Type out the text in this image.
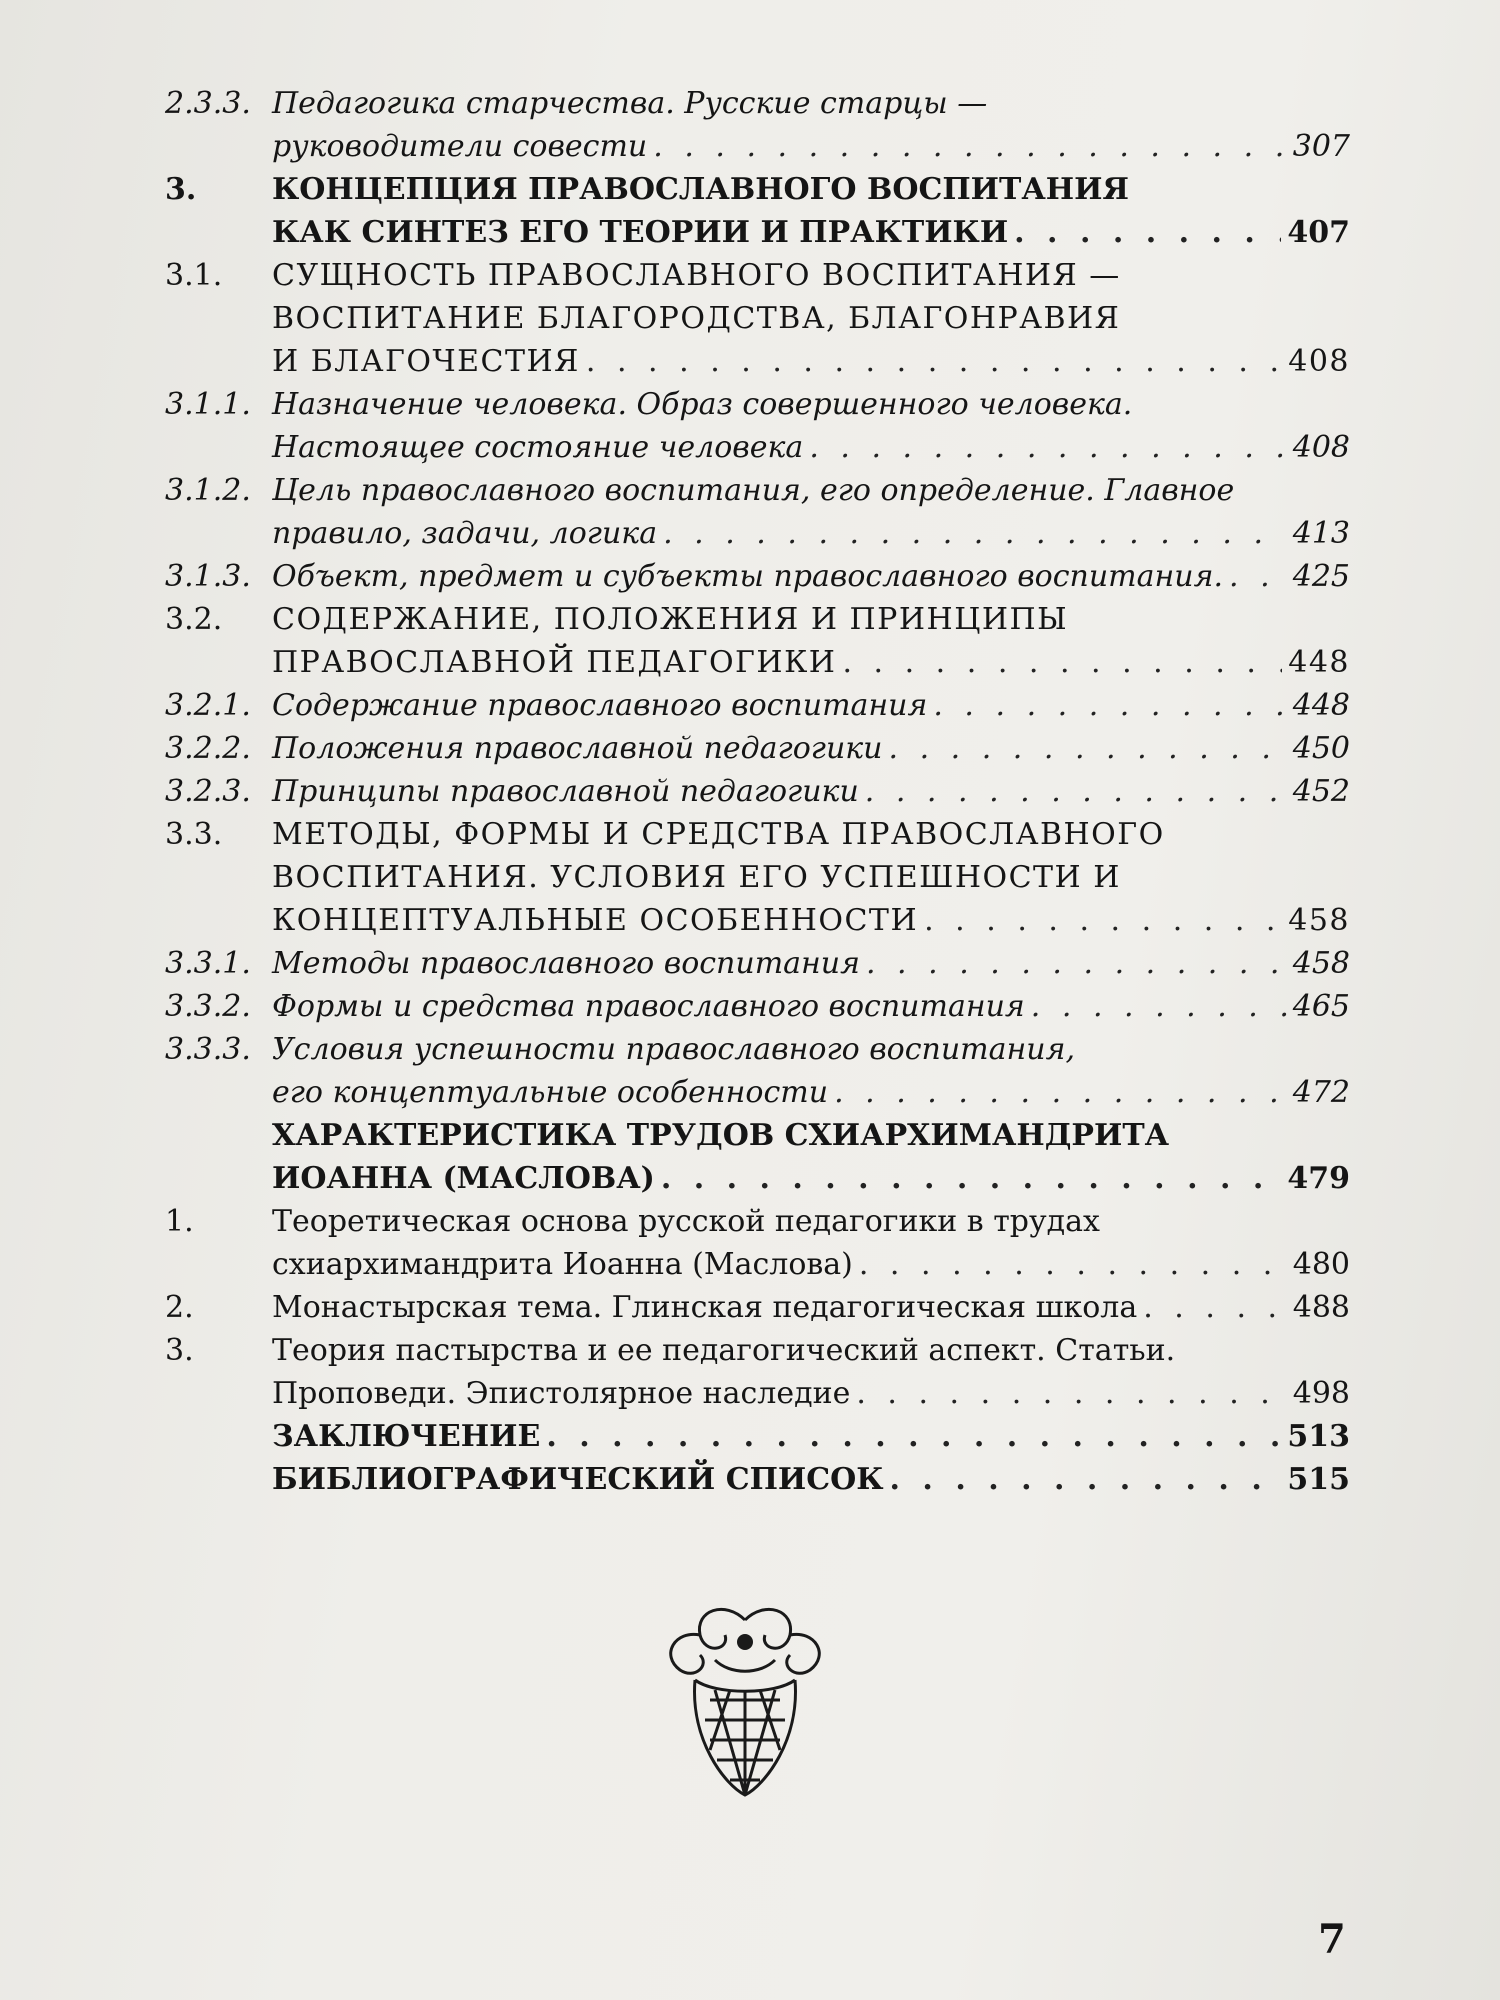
2.3.3. Педагогика старчества. Русские старцы —
руководители совести . . .	307
3.	КОНЦЕПЦИЯ ПРАВОСЛАВНОГО ВОСПИТАНИЯ
КАК СИНТЕЗ ЕГО ТЕОРИИ И ПРАКТИКИ . . .	407
3.1.	СУЩНОСТЬ ПРАВОСЛАВНОГО ВОСПИТАНИЯ —
ВОСПИТАНИЕ БЛАГОРОДСТВА, БЛАГОНРАВИЯ
И БЛАГОЧЕСТИЯ . . .	408
3.1.1. Назначение человека. Образ совершенного человека.
Настоящее состояние человека . . .	408
3.1.2. Цель православного воспитания, его определение. Главное
правило, задачи, логика . . .	413
3.1.3. Объект, предмет и субъекты православного воспитания. . . . 425
3.2.	СОДЕРЖАНИЕ, ПОЛОЖЕНИЯ И ПРИНЦИПЫ
ПРАВОСЛАВНОЙ ПЕДАГОГИКИ . . .	448
3.2.1. Содержание православного воспитания . . .	448
3.2.2. Положения православной педагогики . . .	450
3.2.3. Принципы православной педагогики . . .	452
3.3.	МЕТОДЫ, ФОРМЫ И СРЕДСТВА ПРАВОСЛАВНОГО
ВОСПИТАНИЯ. УСЛОВИЯ ЕГО УСПЕШНОСТИ И
КОНЦЕПТУАЛЬНЫЕ ОСОБЕННОСТИ . . .	458
3.3.1. Методы православного воспитания . . .	458
3.3.2. Формы и средства православного воспитания . . .	465
3.3.3. Условия успешности православного воспитания,
его концептуальные особенности . . .	472
ХАРАКТЕРИСТИКА ТРУДОВ СХИАРХИМАНДРИТА
ИОАННА (МАСЛОВА) . . .	479
1.	Теоретическая основа русской педагогики в трудах
схиархимандрита Иоанна (Маслова) . . .	480
2.	Монастырская тема. Глинская педагогическая школа . . .	488
3.	Теория пастырства и ее педагогический аспект. Статьи.
Проповеди. Эпистолярное наследие . . .	498
ЗАКЛЮЧЕНИЕ . . .	513
БИБЛИОГРАФИЧЕСКИЙ СПИСОК . . .	515
7
